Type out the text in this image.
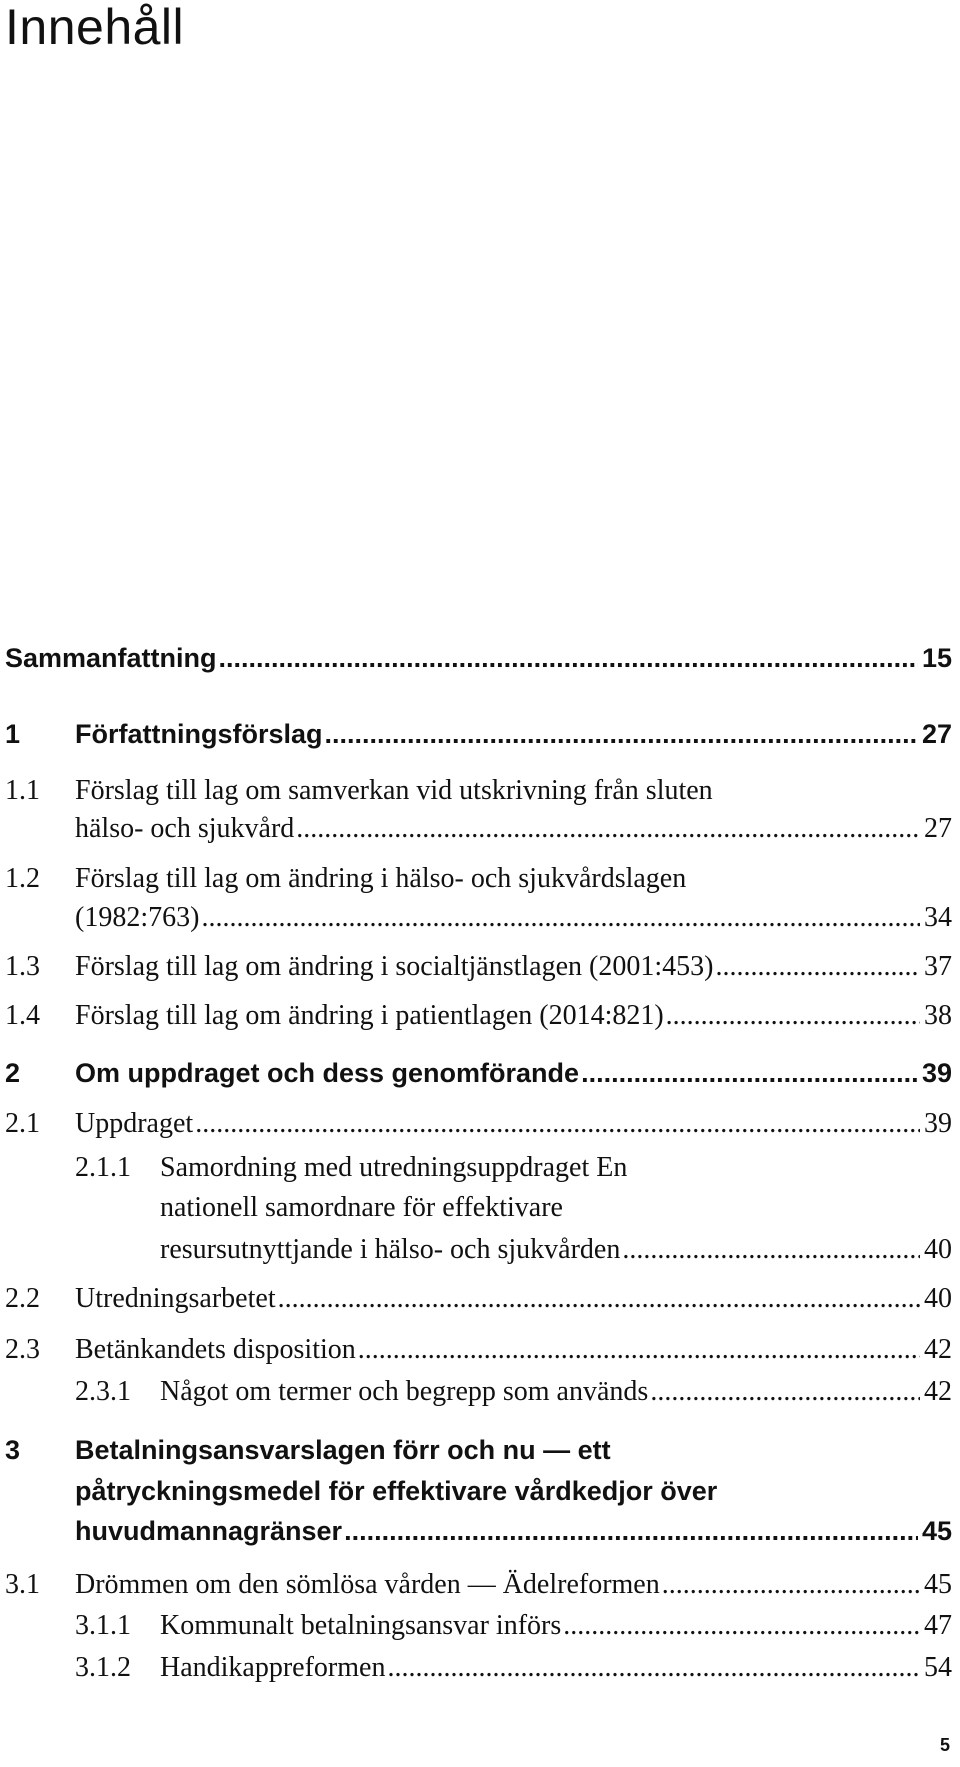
Innehåll
Sammanfattning .....	15
1 Författningsförslag .....	27
1.1 Förslag till lag om samverkan vid utskrivning från sluten
hälso- och sjukvård .....	27
1.2 Förslag till lag om ändring i hälso- och sjukvårdslagen
(1982:763) .....	34
1.3 Förslag till lag om ändring i socialtjänstlagen (2001:453) .....	37
1.4 Förslag till lag om ändring i patientlagen (2014:821) .....	38
2 Om uppdraget och dess genomförande .....	39
2.1 Uppdraget .....	39
2.1.1 Samordning med utredningsuppdraget En
nationell samordnare för effektivare
resursutnyttjande i hälso- och sjukvården .....	40
2.2 Utredningsarbetet .....	40
2.3 Betänkandets disposition .....	42
2.3.1 Något om termer och begrepp som används .....	42
3 Betalningsansvarslagen förr och nu — ett
påtryckningsmedel för effektivare vårdkedjor över
huvudmannagränser .....	45
3.1 Drömmen om den sömlösa vården — Ädelreformen .....	45
3.1.1 Kommunalt betalningsansvar införs .....	47
3.1.2 Handikappreformen .....	54
5
